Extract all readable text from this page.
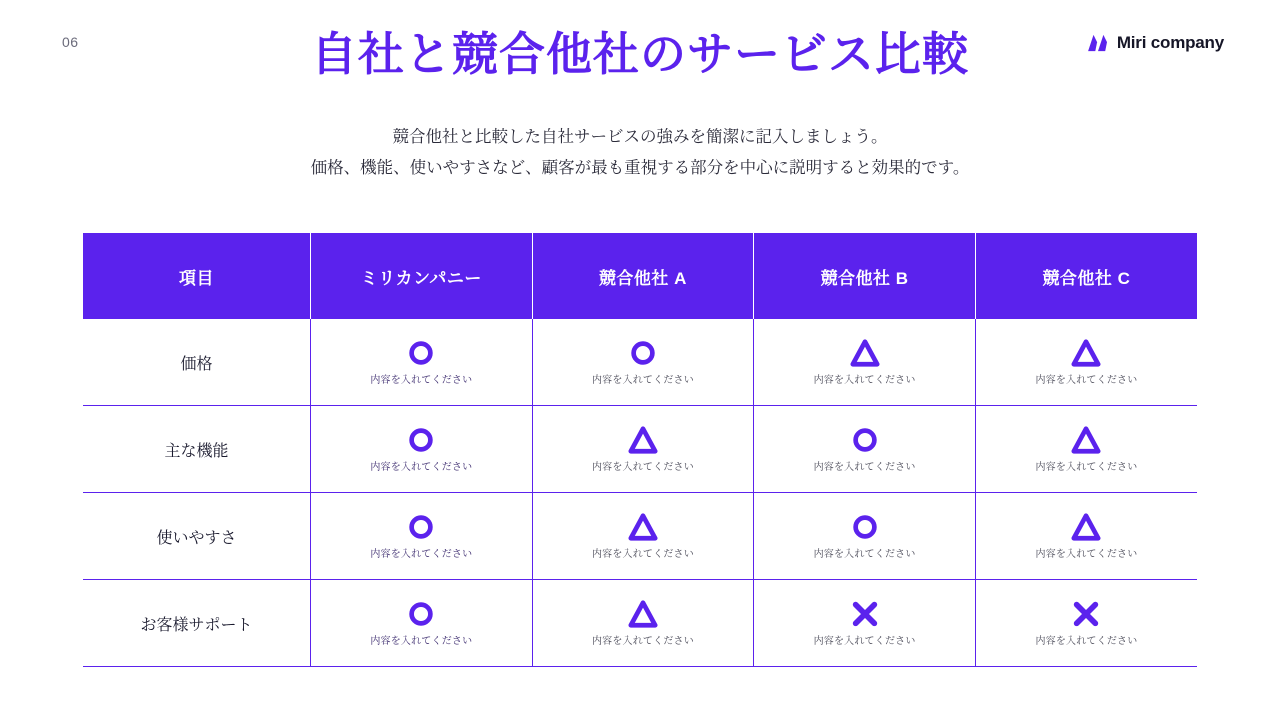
06	Miri company
自社と競合他社のサービス比較
競合他社と比較した自社サービスの強みを簡潔に記入しましょう。
価格、機能、使いやすさなど、顧客が最も重視する部分を中心に説明すると効果的です。
項目	ミリカンパニー	競合他社 A	競合他社 B	競合他社 C
価格	内容を入れてください	内容を入れてください	内容を入れてください	内容を入れてください

主な機能	内容を入れてください	内容を入れてください	内容を入れてください	内容を入れてください

使いやすさ	内容を入れてください	内容を入れてください	内容を入れてください	内容を入れてください

お客様サポート	内容を入れてください	内容を入れてください	内容を入れてください	内容を入れてください
